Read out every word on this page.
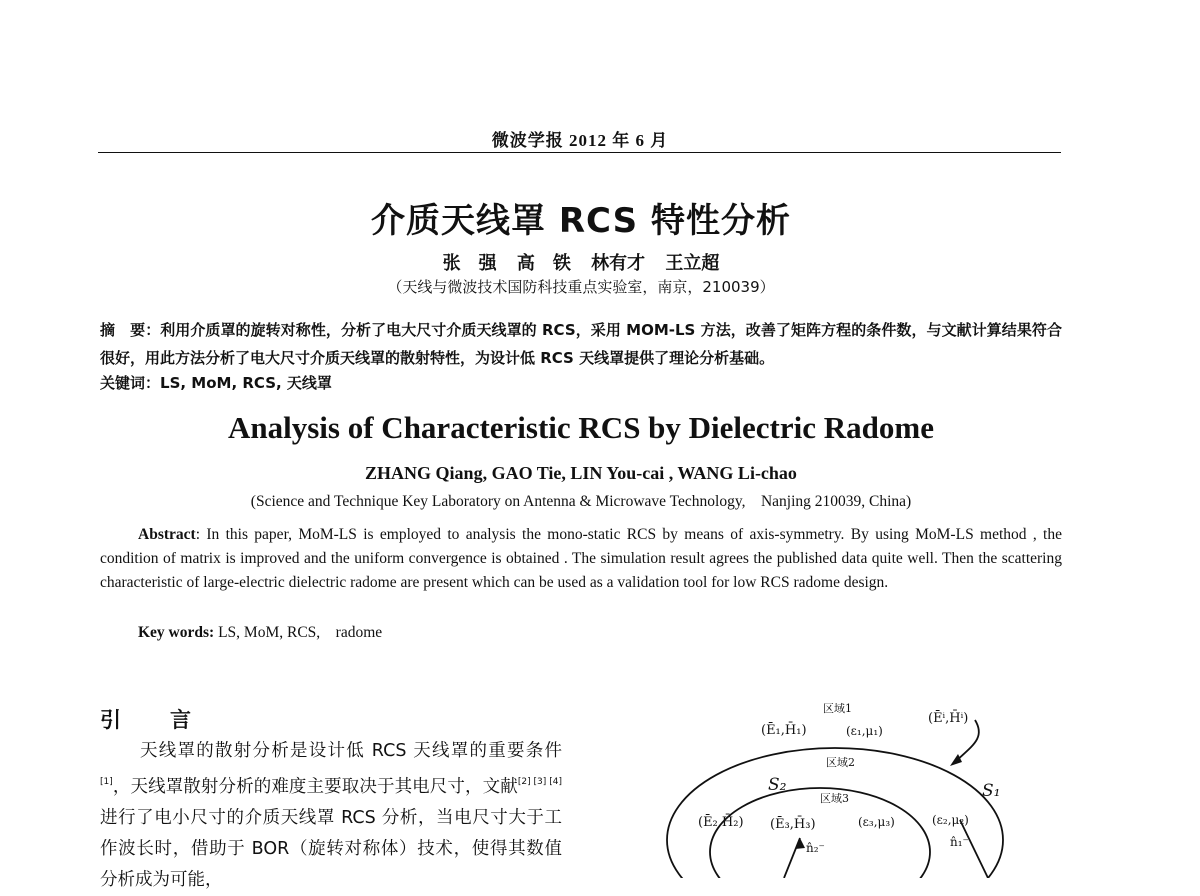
微波学报 2012 年 6 月
介质天线罩 RCS 特性分析
张　强 高　铁 林有才 王立超
（天线与微波技术国防科技重点实验室，南京，210039）
摘　要：利用介质罩的旋转对称性，分析了电大尺寸介质天线罩的 RCS，采用 MOM-LS 方法，改善了矩阵方程的条件数，与文献计算结果符合很好，用此方法分析了电大尺寸介质天线罩的散射特性，为设计低 RCS 天线罩提供了理论分析基础。
关键词：LS, MoM, RCS, 天线罩
Analysis of Characteristic RCS by Dielectric Radome
ZHANG Qiang, GAO Tie, LIN You-cai , WANG Li-chao
(Science and Technique Key Laboratory on Antenna & Microwave Technology,　Nanjing 210039, China)
Abstract: In this paper, MoM-LS is employed to analysis the mono-static RCS by means of axis-symmetry. By using MoM-LS method , the condition of matrix is improved and the uniform convergence is obtained . The simulation result agrees the published data quite well. Then the scattering characteristic of large-electric dielectric radome are present which can be used as a validation tool for low RCS radome design.
Key words: LS, MoM, RCS,　radome
引　言
天线罩的散射分析是设计低 RCS 天线罩的重要条件[1]，天线罩散射分析的难度主要取决于其电尺寸，文献[2] [3] [4]进行了电小尺寸的介质天线罩 RCS 分析，当电尺寸大于工作波长时，借助于 BOR（旋转对称体）技术，使得其数值分析成为可能，
区域1
(Ē₁,H̄₁)	(ε₁,μ₁)
(Ēⁱ,H̄ⁱ)
区域2
S₂	S₁
区域3
(Ē₂,H̄₂) (Ē₃,H̄₃)	(ε₃,μ₃)	(ε₂,μ₂)
n̂₂⁻	n̂₁⁻
